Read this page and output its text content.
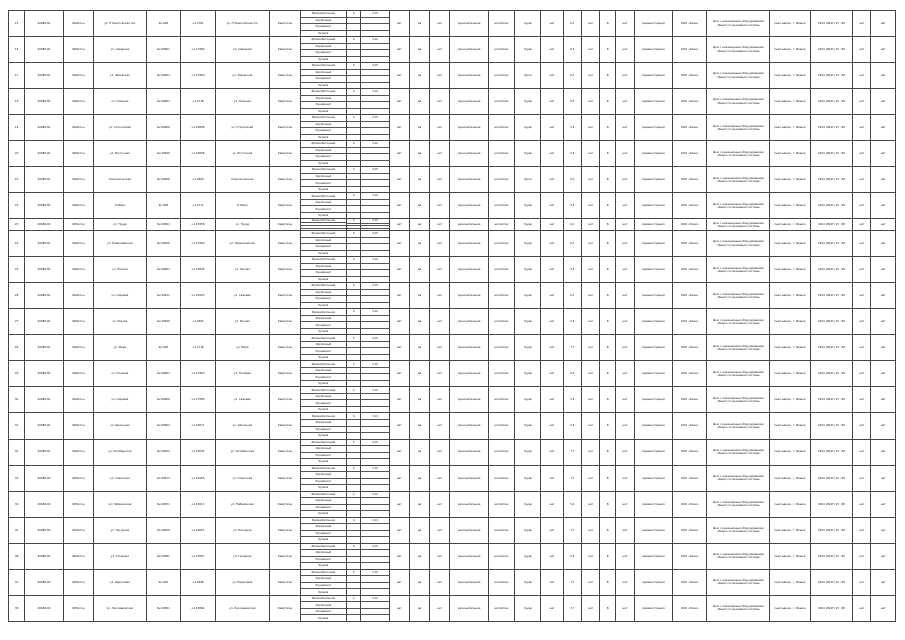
15	40486,00	Ж/Бетон	ул. П.Уренгойская пос	9н.008	+1.1781	ул. П.Уренгойская пос	Кварталы	Железобетонная
Кирпичный
Фундамент
Кровля	6	3.10	нет	да	нет	муниципальная	неплатеж	трудн	нет	6.1	нет	Б	нет	Администрация	ООО «Коми»	Дом с инженерным оборудованием общего пользования системы	Сыктывкар - г. Вашка	0014 (9947) 15 : 68	нет	нет
16	40486,00	Ж/Бетон	ул. Северная	9н.00801	+1.17880	ул. Северная	Кварталы	Железобетонный
Кирпичный
Фундамент
Кровля	6	3.10	нет	да	нет	муниципальная	неплатеж	трудн	нет	6.4	нет	Б	нет	Администрация	ООО «Коми»	Дом с инженерным оборудованием общего пользования системы	Сыктывкар - г. Вашка	0014 (9947) 15 : 68	нет	нет
17	40486,00	Ж/Бетон	ул. Заводская	9н.00803	+1.17800	ул. Заводская	Кварталы	Железобетонная
Кирпичный
Фундамент
Кровля	5	3.10	нет	да	нет	муниципальная	неплатеж	легко	нет	6.1	нет	Б	нет	Администрация	ООО «Коми»	Дом с инженерным оборудованием общего пользования системы	Сыктывкар - г. Вашка	0014 (9947) 15 : 68	нет	нет
18	40486,00	Ж/Бетон	ул. Озерная	9н.00801	+1.1718	ул. Озерная	Кварталы	Железобетонный
Кирпичный
Фундамент
Кровля	4	3.10	нет	да	нет	муниципальная	неплатеж	трудн	нет	6.5	нет	Б	нет	Администрация	ООО «Коми»	Дом с инженерным оборудованием общего пользования системы	Сыктывкар - г. Вашка	0014 (9947) 15 : 68	нет	нет
19	40486,00	Ж/Бетон	ул. Строителей	9н.00800	+1.18898	ул. Строителей	Кварталы	Железобетонная
Кирпичный
Фундамент
Кровля	4	3.10	нет	да	нет	муниципальная	неплатеж	трудн	нет	5.4	нет	Б	нет	Администрация	ООО «Коми»	Дом с инженерным оборудованием общего пользования системы	Сыктывкар - г. Вашка	0014 (9947) 15 : 68	нет	нет
20	40486,00	Ж/Бетон	ул. Восточная	9н.00820	+1.18068	ул. Восточная	Кварталы	Железобетонный
Кирпичный
Фундамент
Кровля	6	3.10	нет	да	нет	муниципальная	неплатеж	трудн	нет	5.4	нет	Б	нет	Администрация	ООО «Коми»	Дом с инженерным оборудованием общего пользования системы	Сыктывкар - г. Вашка	0014 (9947) 15 : 68	нет	нет
21	40486,00	Ж/Бетон	Комсомольская	9н.00808	+1.1864	Комсомольская	Кварталы	Железобетонная
Кирпичный
Фундамент
Кровля	4	3.10	нет	да	нет	муниципальная	неплатеж	легко	нет	6.2	нет	Б	нет	Администрация	ООО «Коми»	Дом с инженерным оборудованием общего пользования системы	Сыктывкар - г. Вашка	0014 (9947) 15 : 68	нет	нет
22	40486,00	Ж/Бетон	П.Мира	9н.008	+1.1717	П.Мира	Кварталы	Железобетонный
Кирпичный
Фундамент
Кровля	6	3.10	нет	да	нет	муниципальная	неплатеж	трудн	нет	5.4	нет	Б	нет	Администрация	ООО «Коми»	Дом с инженерным оборудованием общего пользования системы	Сыктывкар - г. Вашка	0014 (9947) 15 : 68	нет	нет
23	40486,00	Ж/Бетон	ул. Труда	9н.00801	+1.18458	ул. Труда	Кварталы	Железобетонная	4	3.10	нет	да	нет	муниципальная	неплатеж	трудн	нет	6.1	нет	Б	нет	Администрация	ООО «Коми»	Дом с инженерным оборудованием общего пользования системы	Сыктывкар - г. Вашка	0014 (9947) 15 : 68	нет	нет
24	40486,00	Ж/Бетон	ул. Первомайская	9н.00820	+1.17890	ул. Первомайская	Кварталы	Железобетонный
Кирпичный
Фундамент
Кровля	5	3.10	нет	да	нет	муниципальная	неплатеж	трудн	нет	6.1	нет	Б	нет	Администрация	ООО «Коми»	Дом с инженерным оборудованием общего пользования системы	Сыктывкар - г. Вашка	0014 (9947) 15 : 68	нет	нет
25	40486,00	Ж/Бетон	ул. Лесная	9н.00801	+1.18845	ул. Лесная	Кварталы	Железобетонная
Кирпичный
Фундамент
Кровля	4	3.10	нет	да	нет	муниципальная	неплатеж	трудн	нет	5.4	нет	Б	нет	Администрация	ООО «Коми»	Дом с инженерным оборудованием общего пользования системы	Сыктывкар - г. Вашка	0014 (9947) 15 : 68	нет	нет
26	40486,00	Ж/Бетон	ул. Садовая	9н.00811	+1.18223	ул. Садовая	Кварталы	Железобетонный
Кирпичный
Фундамент
Кровля	6	3.10	нет	да	нет	муниципальная	неплатеж	трудн	нет	6.1	нет	Б	нет	Администрация	ООО «Коми»	Дом с инженерным оборудованием общего пользования системы	Сыктывкар - г. Вашка	0014 (9947) 15 : 68	нет	нет
27	40486,00	Ж/Бетон	ул. Речная	9н.00820	+1.1862	ул. Речная	Кварталы	Железобетонная
Кирпичный
Фундамент
Кровля	4	3.10	нет	да	нет	муниципальная	неплатеж	трудн	нет	5.4	нет	Б	нет	Администрация	ООО «Коми»	Дом с инженерным оборудованием общего пользования системы	Сыктывкар - г. Вашка	0014 (9947) 15 : 68	нет	нет
28	40486,00	Ж/Бетон	ул. Мира	9н.008	+1.1718	ул. Мира	Кварталы	Железобетонный
Кирпичный
Фундамент
Кровля	5	3.10	нет	да	нет	муниципальная	неплатеж	трудн	нет	7.7	нет	Б	нет	Администрация	ООО «Коми»	Дом с инженерным оборудованием общего пользования системы	Сыктывкар - г. Вашка	0014 (9947) 15 : 68	нет	нет
29	40486,00	Ж/Бетон	ул. Полевая	9н.00801	+1.17800	ул. Полевая	Кварталы	Железобетонная
Кирпичный
Фундамент
Кровля	3	3.10	нет	да	нет	муниципальная	неплатеж	трудн	нет	6.1	нет	Б	нет	Администрация	ООО «Коми»	Дом с инженерным оборудованием общего пользования системы	Сыктывкар - г. Вашка	0014 (9947) 15 : 68	нет	нет
30	40486,00	Ж/Бетон	ул. Садовая	9н.00800	+1.17889	ул. Садовая	Кварталы	Железобетонный
Кирпичный
Фундамент
Кровля	4	3.10	нет	да	нет	муниципальная	неплатеж	трудн	нет	5.4	нет	Б	нет	Администрация	ООО «Коми»	Дом с инженерным оборудованием общего пользования системы	Сыктывкар - г. Вашка	0014 (9947) 15 : 68	нет	нет
31	40486,00	Ж/Бетон	ул. Школьная	9н.00804	+1.18071	ул. Школьная	Кварталы	Железобетонная
Кирпичный
Фундамент
Кровля	6	3.10	нет	да	нет	муниципальная	неплатеж	трудн	нет	5.4	нет	Б	нет	Администрация	ООО «Коми»	Дом с инженерным оборудованием общего пользования системы	Сыктывкар - г. Вашка	0014 (9947) 15 : 68	нет	нет
32	40486,00	Ж/Бетон	ул. Октябрьская	9н.00824	+1.18034	ул. Октябрьская	Кварталы	Железобетонный
Кирпичный
Фундамент
Кровля	5	3.10	нет	да	нет	муниципальная	неплатеж	трудн	нет	7.7	нет	Б	нет	Администрация	ООО «Коми»	Дом с инженерным оборудованием общего пользования системы	Сыктывкар - г. Вашка	0014 (9947) 15 : 68	нет	нет
33	40486,00	Ж/Бетон	ул. Советская	9н.00873	+1.18265	ул. Советская	Кварталы	Железобетонная
Кирпичный
Фундамент
Кровля	4	3.10	нет	да	нет	муниципальная	неплатеж	трудн	нет	7.7	нет	Б	нет	Администрация	ООО «Коми»	Дом с инженерным оборудованием общего пользования системы	Сыктывкар - г. Вашка	0014 (9947) 15 : 68	нет	нет
34	40486,00	Ж/Бетон	ул. Набережная	9н.00831	+1.18011	ул. Набережная	Кварталы	Железобетонный
Кирпичный
Фундамент
Кровля	4	3.10	нет	да	нет	муниципальная	неплатеж	трудн	нет	5.4	нет	Б	нет	Администрация	ООО «Коми»	Дом с инженерным оборудованием общего пользования системы	Сыктывкар - г. Вашка	0014 (9947) 15 : 68	нет	нет
35	40486,00	Ж/Бетон	ул. Нагорная	9н.00826	+1.18051	ул. Нагорная	Кварталы	Железобетонная
Кирпичный
Фундамент
Кровля	4	4.10	нет	да	нет	муниципальная	неплатеж	трудн	нет	7.7	нет	Б	нет	Администрация	ООО «Коми»	Дом с инженерным оборудованием общего пользования системы	Сыктывкар - г. Вашка	0014 (9947) 15 : 68	нет	нет
36	40486,00	Ж/Бетон	ул. Гагарина	9н.00881	+1.18057	ул. Гагарина	Кварталы	Железобетонный
Кирпичный
Фундамент
Кровля	6	3.10	нет	да	нет	муниципальная	неплатеж	трудн	нет	5.4	нет	Б	нет	Администрация	ООО «Коми»	Дом с инженерным оборудованием общего пользования системы	Сыктывкар - г. Вашка	0014 (9947) 15 : 68	нет	нет
37	40486,00	Ж/Бетон	ул. Береговая	9н.005	+1.1888	ул. Береговая	Кварталы	Железобетонный
Кирпичный
Фундамент
Кровля	5	3.10	нет	да	нет	муниципальная	неплатеж	трудн	нет	7.7	нет	Б	нет	Администрация	ООО «Коми»	Дом с инженерным оборудованием общего пользования системы	Сыктывкар - г. Вашка	0014 (9947) 15 : 68	нет	нет
38	40486,00	Ж/Бетон	ул. Лесозаводская	9н.00801	+1.18894	ул. Лесозаводская	Кварталы	Железобетонная
Кирпичный
Фундамент
Кровля	4	3.10	нет	да	нет	муниципальная	неплатеж	трудн	нет	7.7	нет	Б	нет	Администрация	ООО «Коми»	Дом с инженерным оборудованием общего пользования системы	Сыктывкар - г. Вашка	0014 (9947) 15 : 68	нет	нет
